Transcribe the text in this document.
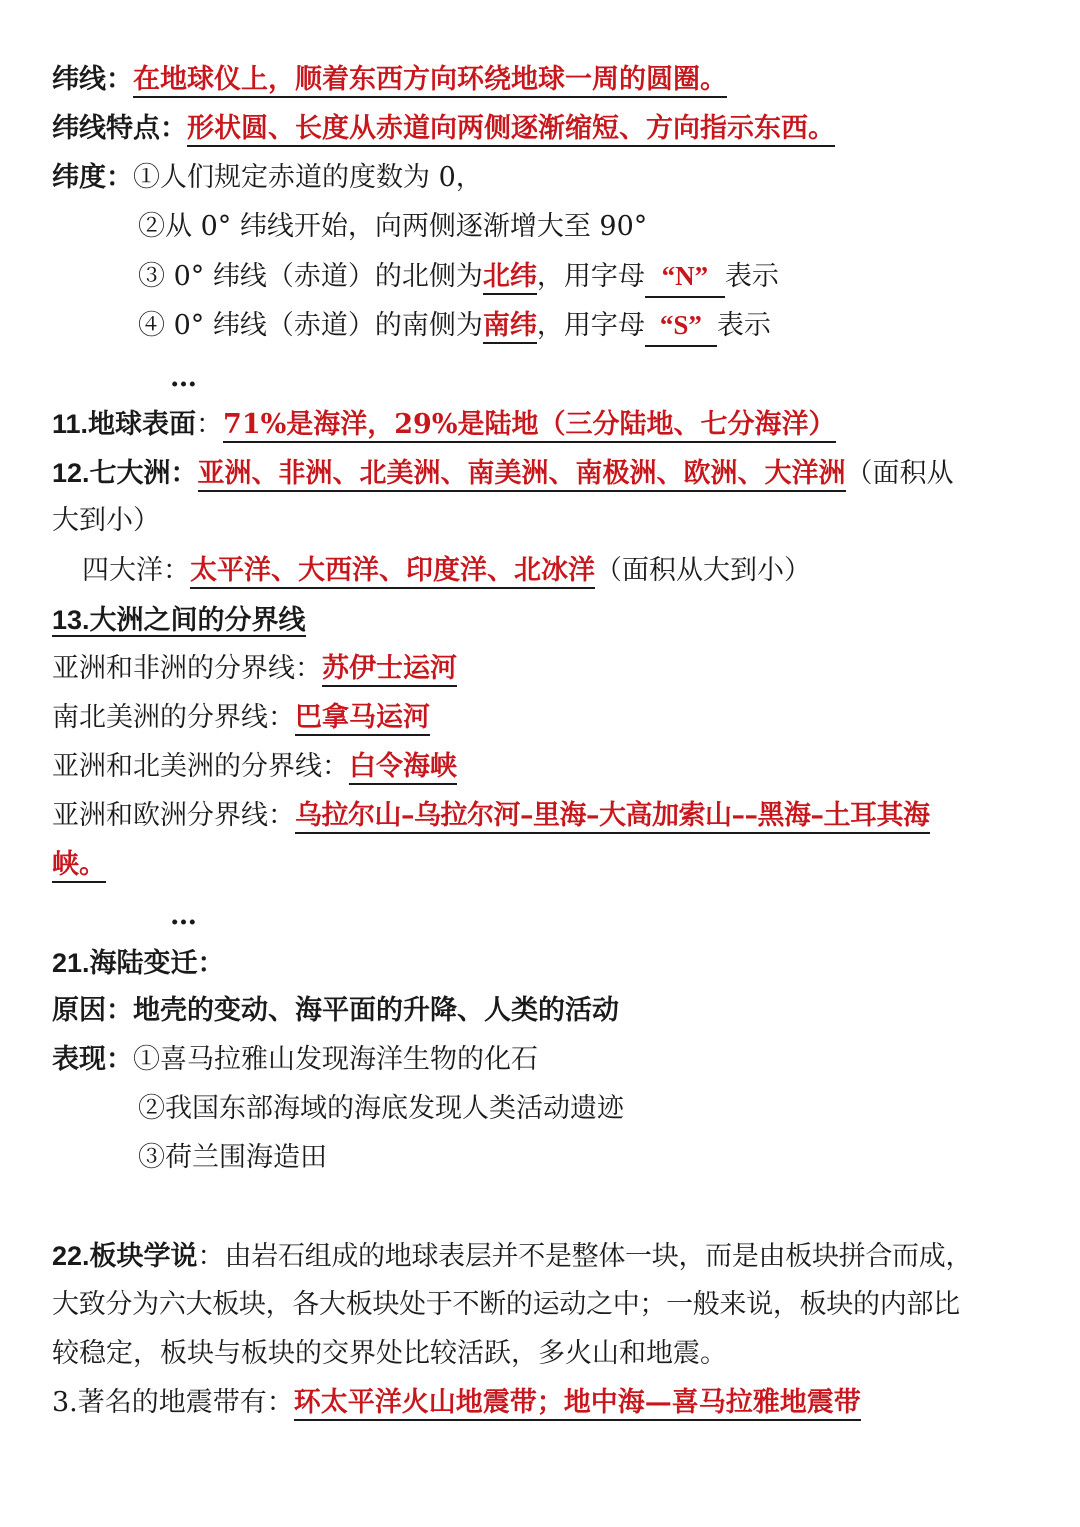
纬线：在地球仪上，顺着东西方向环绕地球一周的圆圈。
纬线特点：形状圆、长度从赤道向两侧逐渐缩短、方向指示东西。
纬度：①人们规定赤道的度数为 0，
②从 0° 纬线开始，向两侧逐渐增大至 90°
③ 0° 纬线（赤道）的北侧为北纬，用字母 “N” 表示
④ 0° 纬线（赤道）的南侧为南纬，用字母 “S” 表示
…
11.地球表面：71%是海洋，29%是陆地（三分陆地、七分海洋）
12.七大洲：亚洲、非洲、北美洲、南美洲、南极洲、欧洲、大洋洲（面积从
大到小）
四大洋：太平洋、大西洋、印度洋、北冰洋（面积从大到小）
13.大洲之间的分界线
亚洲和非洲的分界线：苏伊士运河
南北美洲的分界线：巴拿马运河
亚洲和北美洲的分界线：白令海峡
亚洲和欧洲分界线：乌拉尔山–乌拉尔河–里海–大高加索山––黑海–土耳其海
峡。
…
21.海陆变迁：
原因：地壳的变动、海平面的升降、人类的活动
表现：①喜马拉雅山发现海洋生物的化石
②我国东部海域的海底发现人类活动遗迹
③荷兰围海造田
22.板块学说：由岩石组成的地球表层并不是整体一块，而是由板块拼合而成，
大致分为六大板块，各大板块处于不断的运动之中；一般来说，板块的内部比
较稳定，板块与板块的交界处比较活跃，多火山和地震。
3.著名的地震带有：环太平洋火山地震带；地中海—喜马拉雅地震带
